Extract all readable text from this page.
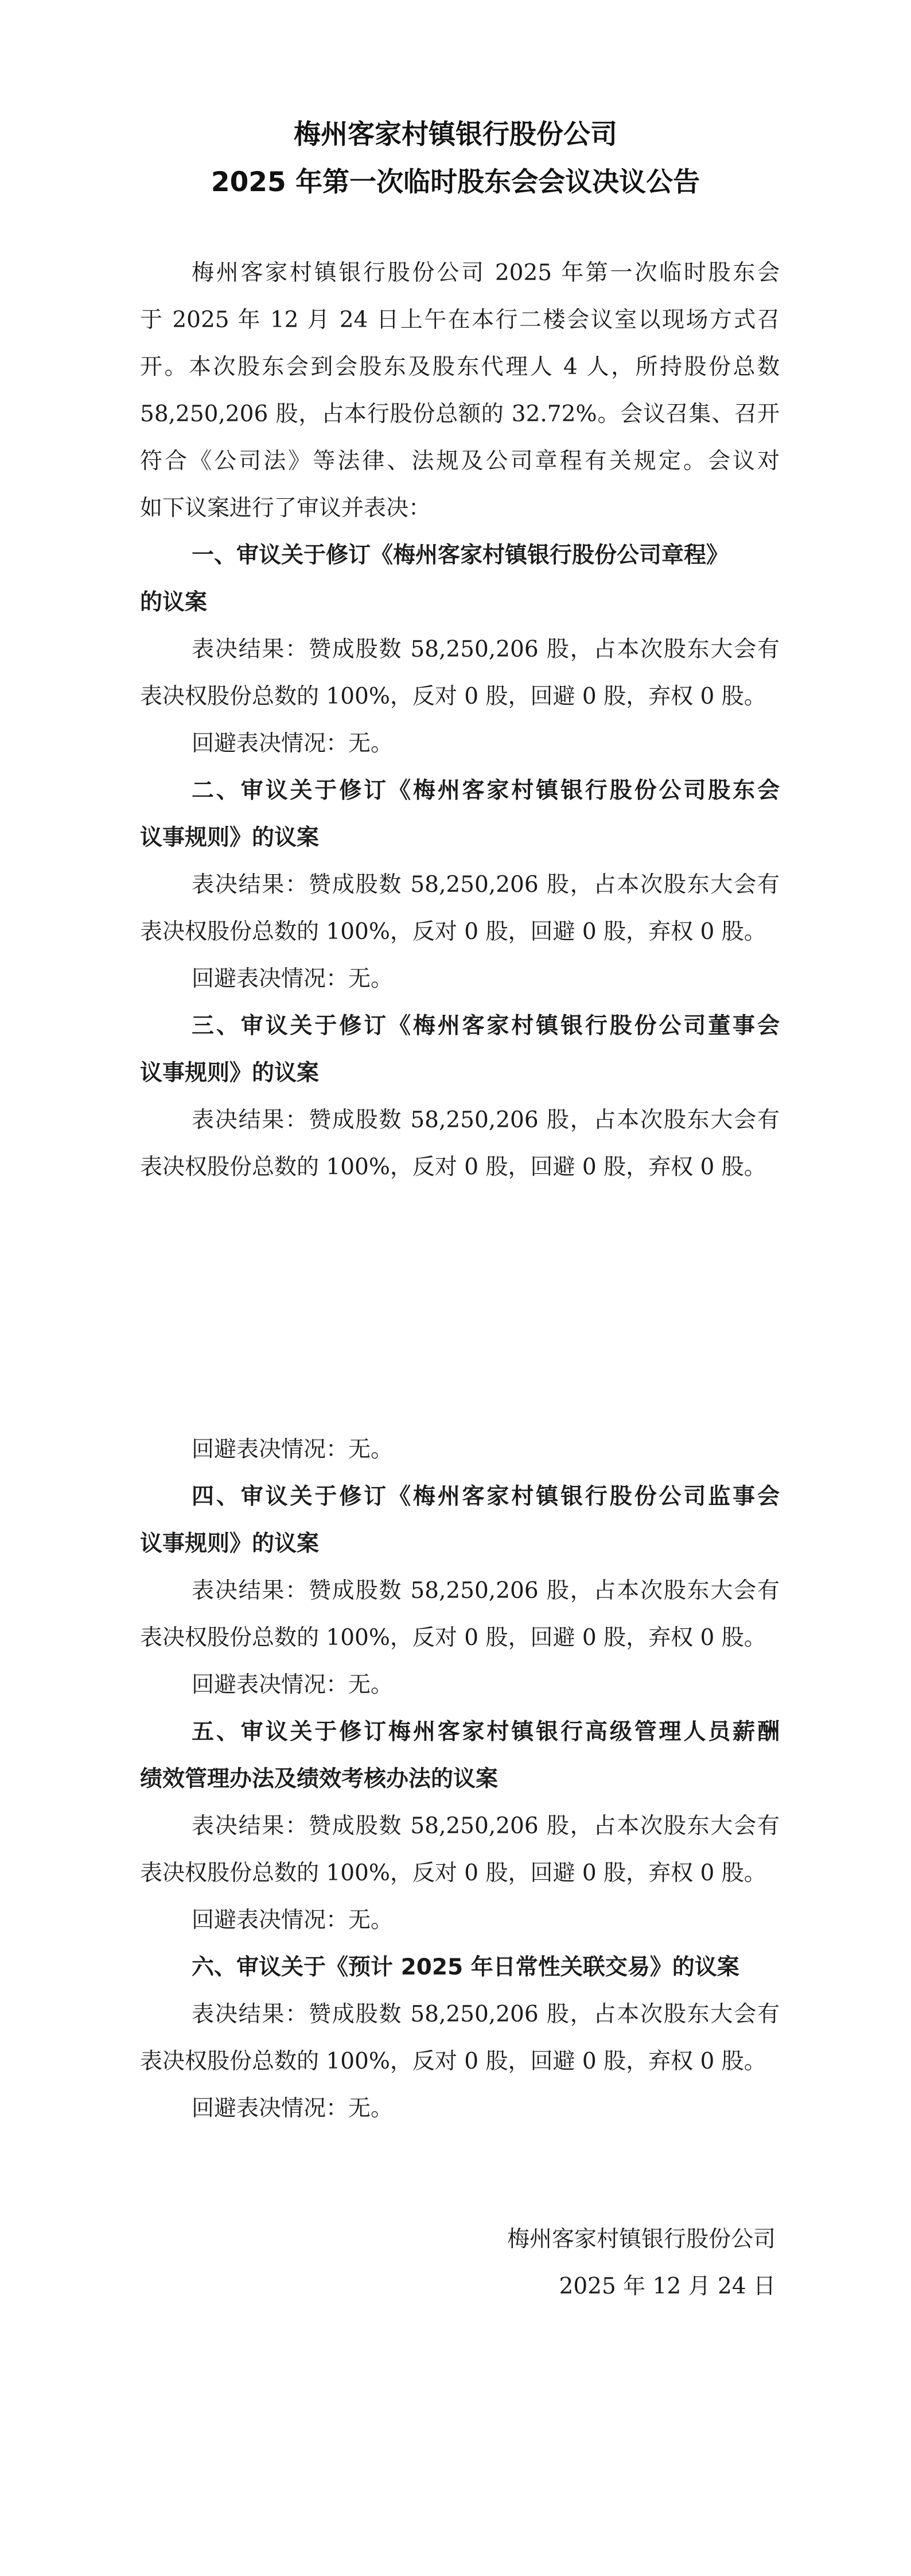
梅州客家村镇银行股份公司
2025 年第一次临时股东会会议决议公告
梅州客家村镇银行股份公司 2025 年第一次临时股东会
于 2025 年 12 月 24 日上午在本行二楼会议室以现场方式召
开。本次股东会到会股东及股东代理人 4 人，所持股份总数
58,250,206 股，占本行股份总额的 32.72%。会议召集、召开
符合《公司法》等法律、法规及公司章程有关规定。会议对
如下议案进行了审议并表决：
一、审议关于修订《梅州客家村镇银行股份公司章程》
的议案
表决结果：赞成股数 58,250,206 股，占本次股东大会有
表决权股份总数的 100%，反对 0 股，回避 0 股，弃权 0 股。
回避表决情况：无。
二、审议关于修订《梅州客家村镇银行股份公司股东会
议事规则》的议案
表决结果：赞成股数 58,250,206 股，占本次股东大会有
表决权股份总数的 100%，反对 0 股，回避 0 股，弃权 0 股。
回避表决情况：无。
三、审议关于修订《梅州客家村镇银行股份公司董事会
议事规则》的议案
表决结果：赞成股数 58,250,206 股，占本次股东大会有
表决权股份总数的 100%，反对 0 股，回避 0 股，弃权 0 股。
回避表决情况：无。
四、审议关于修订《梅州客家村镇银行股份公司监事会
议事规则》的议案
表决结果：赞成股数 58,250,206 股，占本次股东大会有
表决权股份总数的 100%，反对 0 股，回避 0 股，弃权 0 股。
回避表决情况：无。
五、审议关于修订梅州客家村镇银行高级管理人员薪酬
绩效管理办法及绩效考核办法的议案
表决结果：赞成股数 58,250,206 股，占本次股东大会有
表决权股份总数的 100%，反对 0 股，回避 0 股，弃权 0 股。
回避表决情况：无。
六、审议关于《预计 2025 年日常性关联交易》的议案
表决结果：赞成股数 58,250,206 股，占本次股东大会有
表决权股份总数的 100%，反对 0 股，回避 0 股，弃权 0 股。
回避表决情况：无。
梅州客家村镇银行股份公司
2025 年 12 月 24 日
